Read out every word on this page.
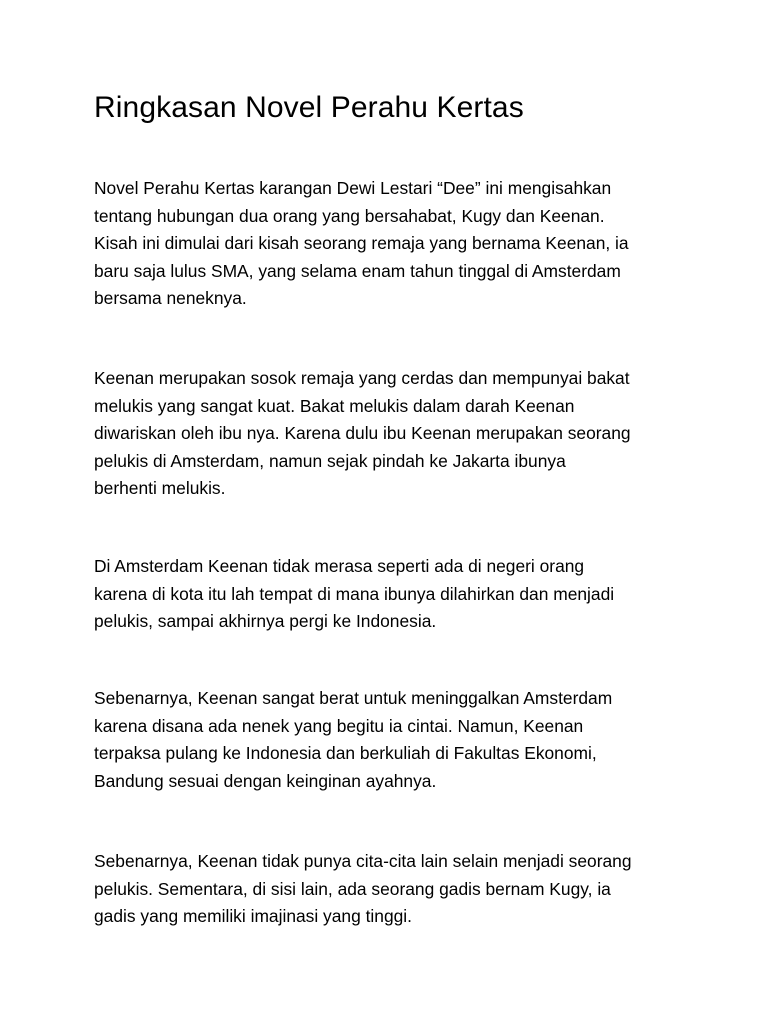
Ringkasan Novel Perahu Kertas

Novel Perahu Kertas karangan Dewi Lestari “Dee” ini mengisahkan
tentang hubungan dua orang yang bersahabat, Kugy dan Keenan.
Kisah ini dimulai dari kisah seorang remaja yang bernama Keenan, ia
baru saja lulus SMA, yang selama enam tahun tinggal di Amsterdam
bersama neneknya.

Keenan merupakan sosok remaja yang cerdas dan mempunyai bakat
melukis yang sangat kuat. Bakat melukis dalam darah Keenan
diwariskan oleh ibu nya. Karena dulu ibu Keenan merupakan seorang
pelukis di Amsterdam, namun sejak pindah ke Jakarta ibunya
berhenti melukis.

Di Amsterdam Keenan tidak merasa seperti ada di negeri orang
karena di kota itu lah tempat di mana ibunya dilahirkan dan menjadi
pelukis, sampai akhirnya pergi ke Indonesia.

Sebenarnya, Keenan sangat berat untuk meninggalkan Amsterdam
karena disana ada nenek yang begitu ia cintai. Namun, Keenan
terpaksa pulang ke Indonesia dan berkuliah di Fakultas Ekonomi,
Bandung sesuai dengan keinginan ayahnya.

Sebenarnya, Keenan tidak punya cita-cita lain selain menjadi seorang
pelukis. Sementara, di sisi lain, ada seorang gadis bernam Kugy, ia
gadis yang memiliki imajinasi yang tinggi.
